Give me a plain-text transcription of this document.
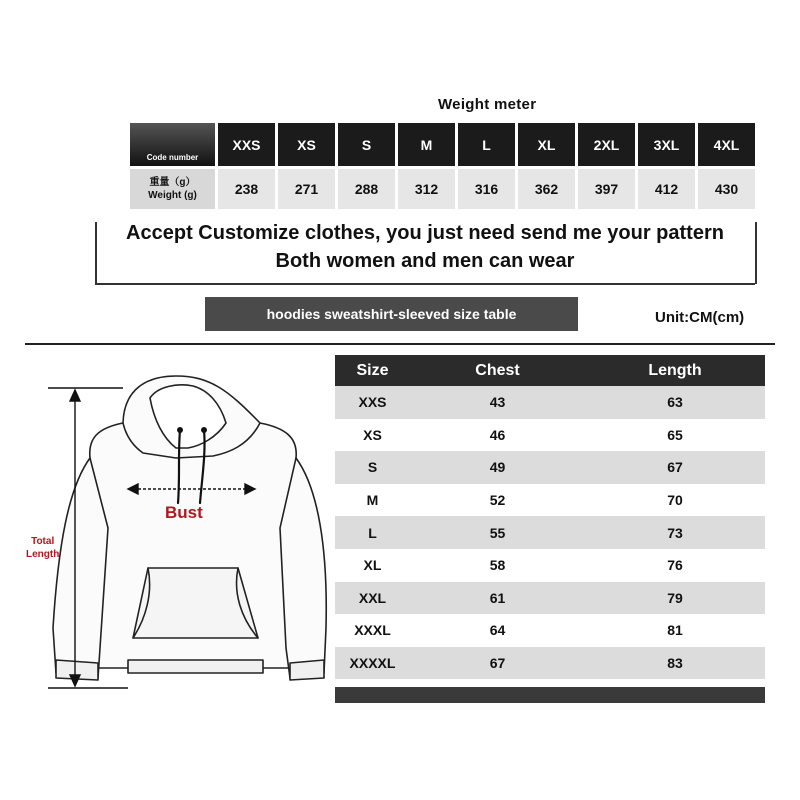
Weight meter
Code number	XXS	XS	S	M	L	XL	2XL	3XL	4XL
重量（g）
Weight (g)	238	271	288	312	316	362	397	412	430
Accept Customize clothes, you just need send me your pattern
Both women and men can wear
hoodies sweatshirt-sleeved size table	Unit:CM(cm)
Size	Chest	Length
XXS	43	63
XS	46	65
S	49	67
M	52	70
L	55	73
XL	58	76
XXL	61	79
XXXL	64	81
XXXXL	67	83
Bust
Total
Length
